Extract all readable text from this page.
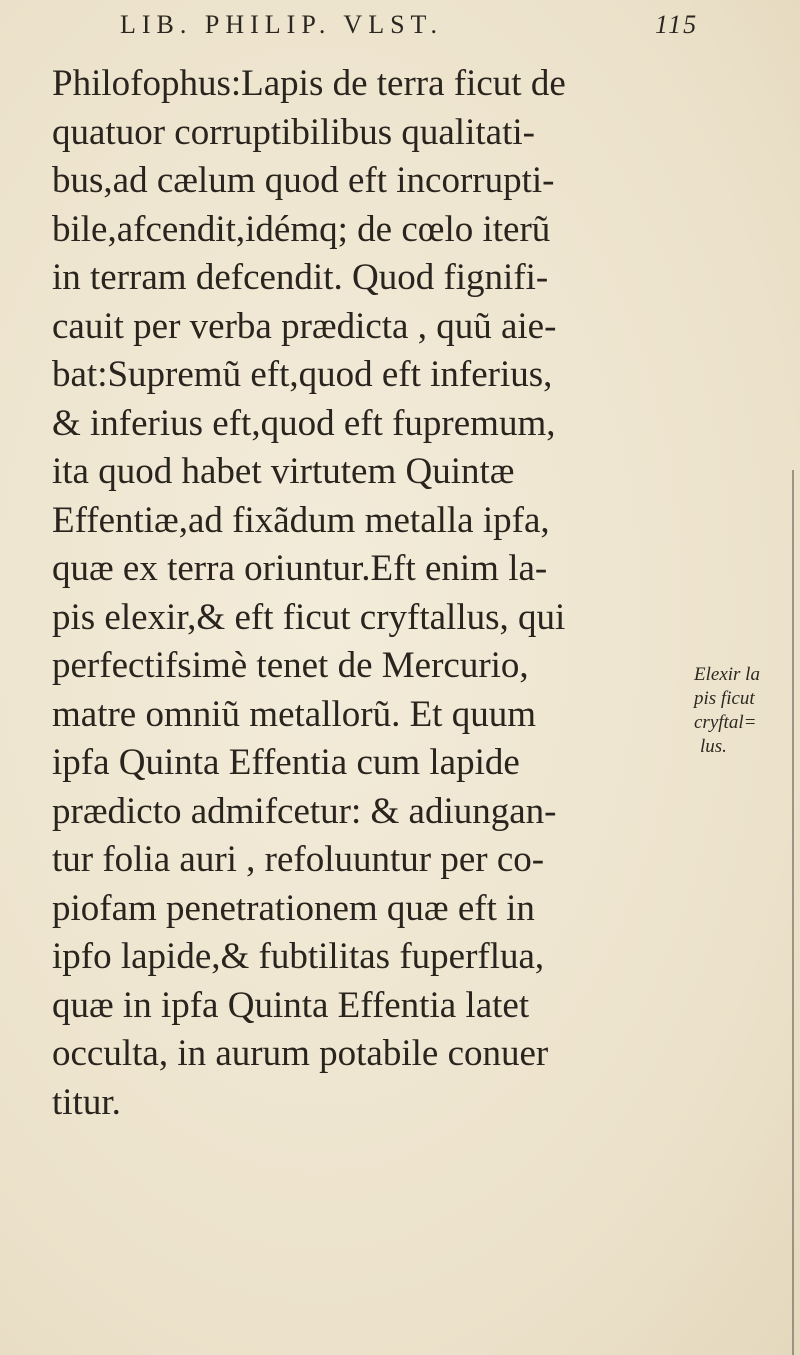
LIB. PHILIP. VLST.	115
Philofophus:Lapis de terra ficut de
quatuor corruptibilibus qualitati-
bus,ad cælum quod eft incorrupti-
bile,afcendit,idémq; de cœlo iterũ
in terram defcendit. Quod fignifi-
cauit per verba prædicta , quũ aie-
bat:Supremũ eft,quod eft inferius,
& inferius eft,quod eft fupremum,
ita quod habet virtutem Quintæ
Effentiæ,ad fixãdum metalla ipfa,
quæ ex terra oriuntur.Eft enim la-
pis elexir,& eft ficut cryftallus, qui
perfectifsimè tenet de Mercurio,
matre omniũ metallorũ. Et quum
ipfa Quinta Effentia cum lapide
prædicto admifcetur: & adiungan-
tur folia auri , refoluuntur per co-
piofam penetrationem quæ eft in
ipfo lapide,& fubtilitas fuperflua,
quæ in ipfa Quinta Effentia latet
occulta, in aurum potabile conuer
titur.
Elexir la
pis ficut
cryftal=
lus.
